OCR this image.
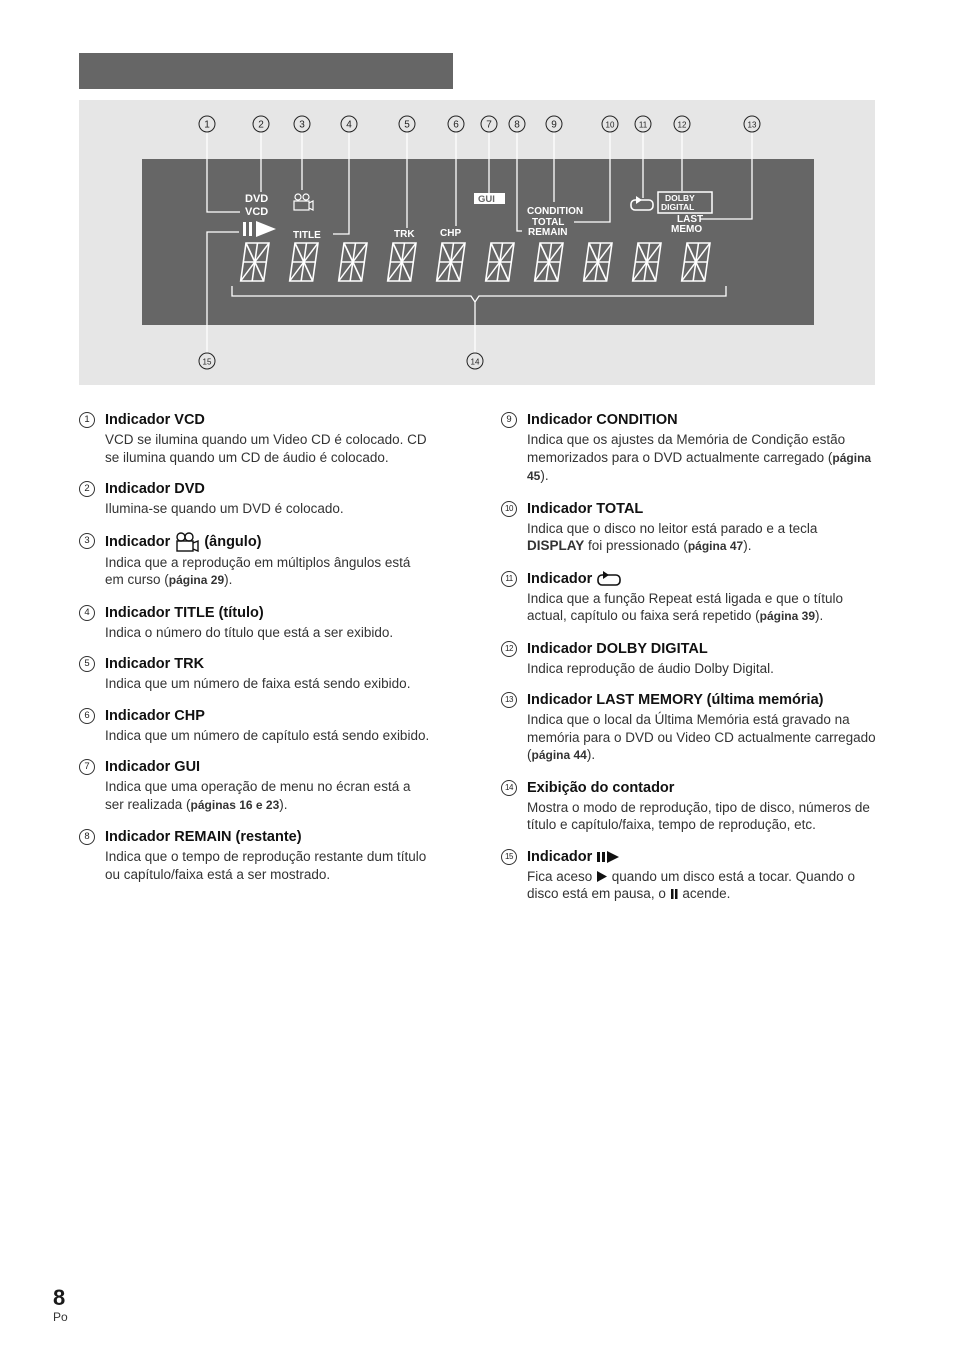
DVD
VCD
TITLE	TRK	CHP
CONDITION
TOTAL
REMAIN
LAST
MEMO
GUI	DOLBY
DIGITAL
1	2	3	4	5	6	7 8	9	10	11	12	13
14
15
1	Indicador VCD
VCD se ilumina quando um Video CD é colocado. CD se ilumina quando um CD de áudio é colocado.
2	Indicador DVD
Ilumina-se quando um DVD é colocado.
3	Indicador (ângulo)
Indica que a reprodução em múltiplos ângulos está em curso (página 29).
4	Indicador TITLE (título)
Indica o número do título que está a ser exibido.
5	Indicador TRK
Indica que um número de faixa está sendo exibido.
6	Indicador CHP
Indica que um número de capítulo está sendo exibido.
7	Indicador GUI
Indica que uma operação de menu no écran está a ser realizada (páginas 16 e 23).
8	Indicador REMAIN (restante)
Indica que o tempo de reprodução restante dum título ou capítulo/faixa está a ser mostrado.
9	Indicador CONDITION
Indica que os ajustes da Memória de Condição estão memorizados para o DVD actualmente carregado (página 45).
10 Indicador TOTAL
Indica que o disco no leitor está parado e a tecla DISPLAY foi pressionado (página 47).
11 Indicador
Indica que a função Repeat está ligada e que o título actual, capítulo ou faixa será repetido (página 39).
12 Indicador DOLBY DIGITAL
Indica reprodução de áudio Dolby Digital.
13 Indicador LAST MEMORY (última memória)
Indica que o local da Última Memória está gravado na memória para o DVD ou Video CD actualmente carregado (página 44).
14 Exibição do contador
Mostra o modo de reprodução, tipo de disco, números de título e capítulo/faixa, tempo de reprodução, etc.
15 Indicador
Fica aceso  quando um disco está a tocar. Quando o disco está em pausa, o  acende.
8
Po
